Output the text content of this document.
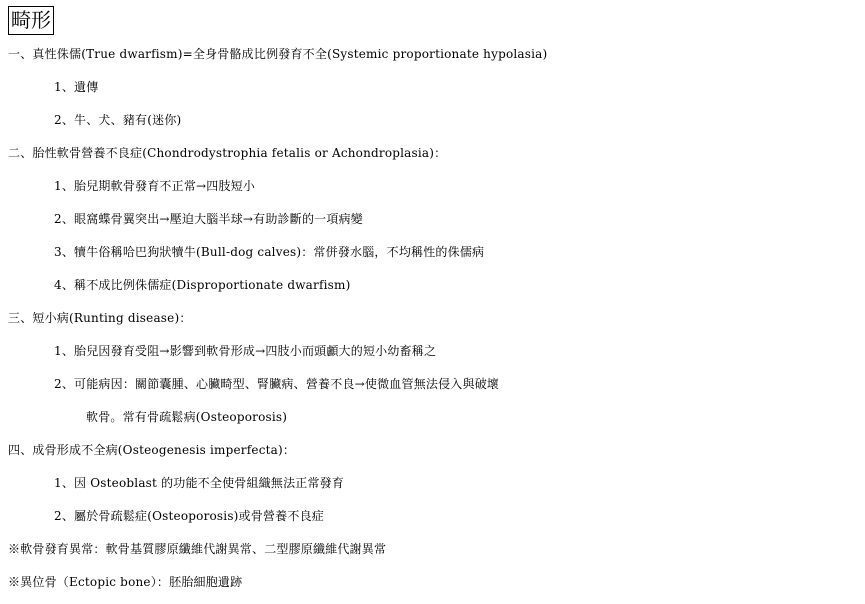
畸形
一、真性侏儒(True dwarfism)=全身骨骼成比例發育不全(Systemic proportionate hypolasia)
1、遺傳
2、牛、犬、豬有(迷你)
二、胎性軟骨營養不良症(Chondrodystrophia fetalis or Achondroplasia)：
1、胎兒期軟骨發育不正常→四肢短小
2、眼窩蝶骨翼突出→壓迫大腦半球→有助診斷的一項病變
3、犢牛俗稱哈巴狗狀犢牛(Bull-dog calves)：常併發水腦，不均稱性的侏儒病
4、稱不成比例侏儒症(Disproportionate dwarfism)
三、短小病(Runting disease)：
1、胎兒因發育受阻→影響到軟骨形成→四肢小而頭顱大的短小幼畜稱之
2、可能病因：關節囊腫、心臟畸型、腎臟病、營養不良→使微血管無法侵入與破壞
軟骨。常有骨疏鬆病(Osteoporosis)
四、成骨形成不全病(Osteogenesis imperfecta)：
1、因 Osteoblast 的功能不全使骨組織無法正常發育
2、屬於骨疏鬆症(Osteoporosis)或骨營養不良症
※軟骨發育異常：軟骨基質膠原纖維代謝異常、二型膠原纖維代謝異常
※異位骨（Ectopic bone）：胚胎細胞遺跡
